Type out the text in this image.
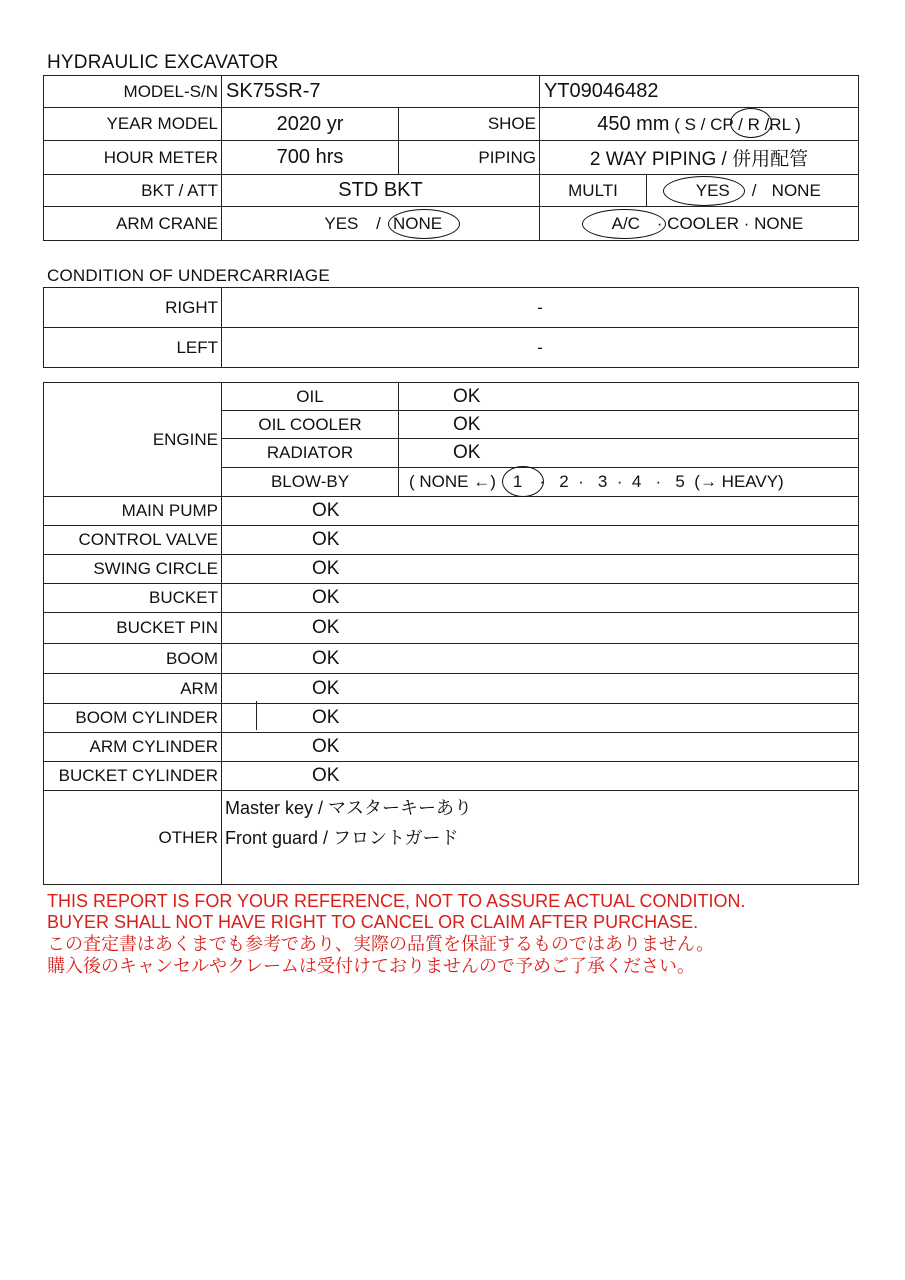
HYDRAULIC EXCAVATOR
MODEL-S/N	SK75SR-7		YT09046482	
YEAR MODEL	2020 yr	SHOE	450 mm ( S / CP / R /RL )	
HOUR METER	700 hrs	PIPING	2 WAY PIPING / 併用配管	
BKT / ATT	STD BKT		MULTI	YES / NONE
ARM CRANE	YES / NONE		A/C · COOLER · NONE	
CONDITION OF UNDERCARRIAGE
RIGHT	-
LEFT	-
ENGINE	OIL	OK
	OIL COOLER	OK
	RADIATOR	OK
	BLOW-BY	( NONE ←) 1 ·   2  ·   3  ·  4   ·   5  (→ HEAVY)
MAIN PUMP	OK	
CONTROL VALVE	OK	
SWING CIRCLE	OK	
BUCKET	OK	
BUCKET PIN	OK	
BOOM	OK	
ARM	OK	
BOOM CYLINDER	OK	
ARM CYLINDER	OK	
BUCKET CYLINDER	OK	
OTHER	Master key / マスターキーあり
Front guard / フロントガード	
THIS REPORT IS FOR YOUR REFERENCE, NOT TO ASSURE ACTUAL CONDITION.
BUYER SHALL NOT HAVE RIGHT TO CANCEL OR CLAIM AFTER PURCHASE.
この査定書はあくまでも参考であり、実際の品質を保証するものではありません。
購入後のキャンセルやクレームは受付けておりませんので予めご了承ください。
